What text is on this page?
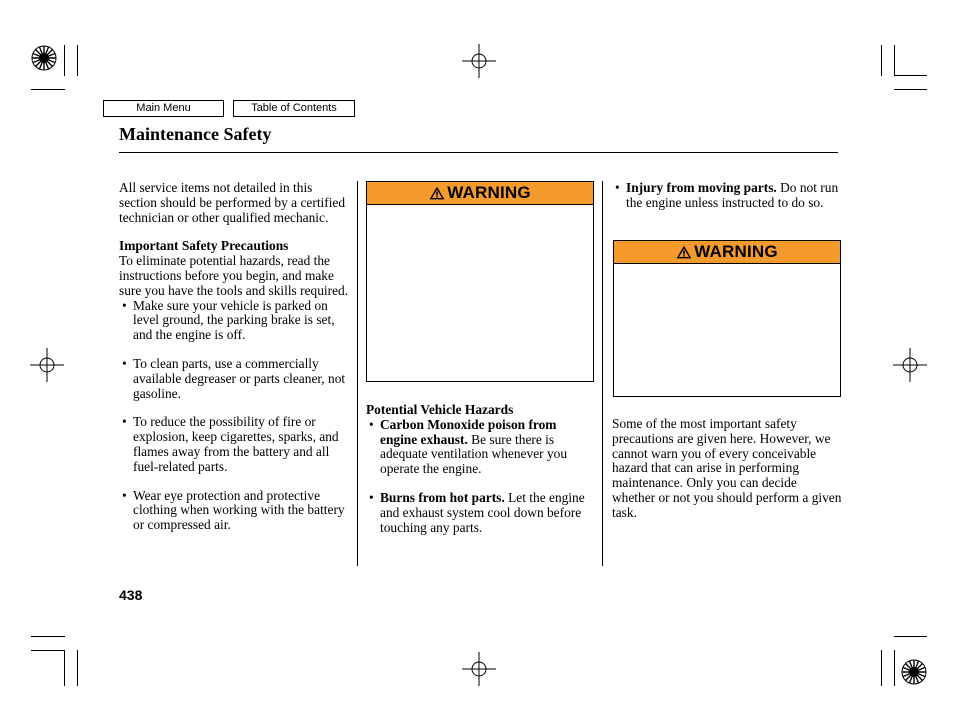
Main Menu	Table of Contents
Maintenance Safety
All service items not detailed in this section should be performed by a certified technician or other qualified mechanic.
Important Safety Precautions
To eliminate potential hazards, read the instructions before you begin, and make sure you have the tools and skills required.
• Make sure your vehicle is parked on level ground, the parking brake is set, and the engine is off.
• To clean parts, use a commercially available degreaser or parts cleaner, not gasoline.
• To reduce the possibility of fire or explosion, keep cigarettes, sparks, and flames away from the battery and all fuel-related parts.
• Wear eye protection and protective clothing when working with the battery or compressed air.
WARNING
Potential Vehicle Hazards
• Carbon Monoxide poison from engine exhaust. Be sure there is adequate ventilation whenever you operate the engine.
• Burns from hot parts. Let the engine and exhaust system cool down before touching any parts.
• Injury from moving parts. Do not run the engine unless instructed to do so.
WARNING
Some of the most important safety precautions are given here. However, we cannot warn you of every conceivable hazard that can arise in performing maintenance. Only you can decide whether or not you should perform a given task.
438
